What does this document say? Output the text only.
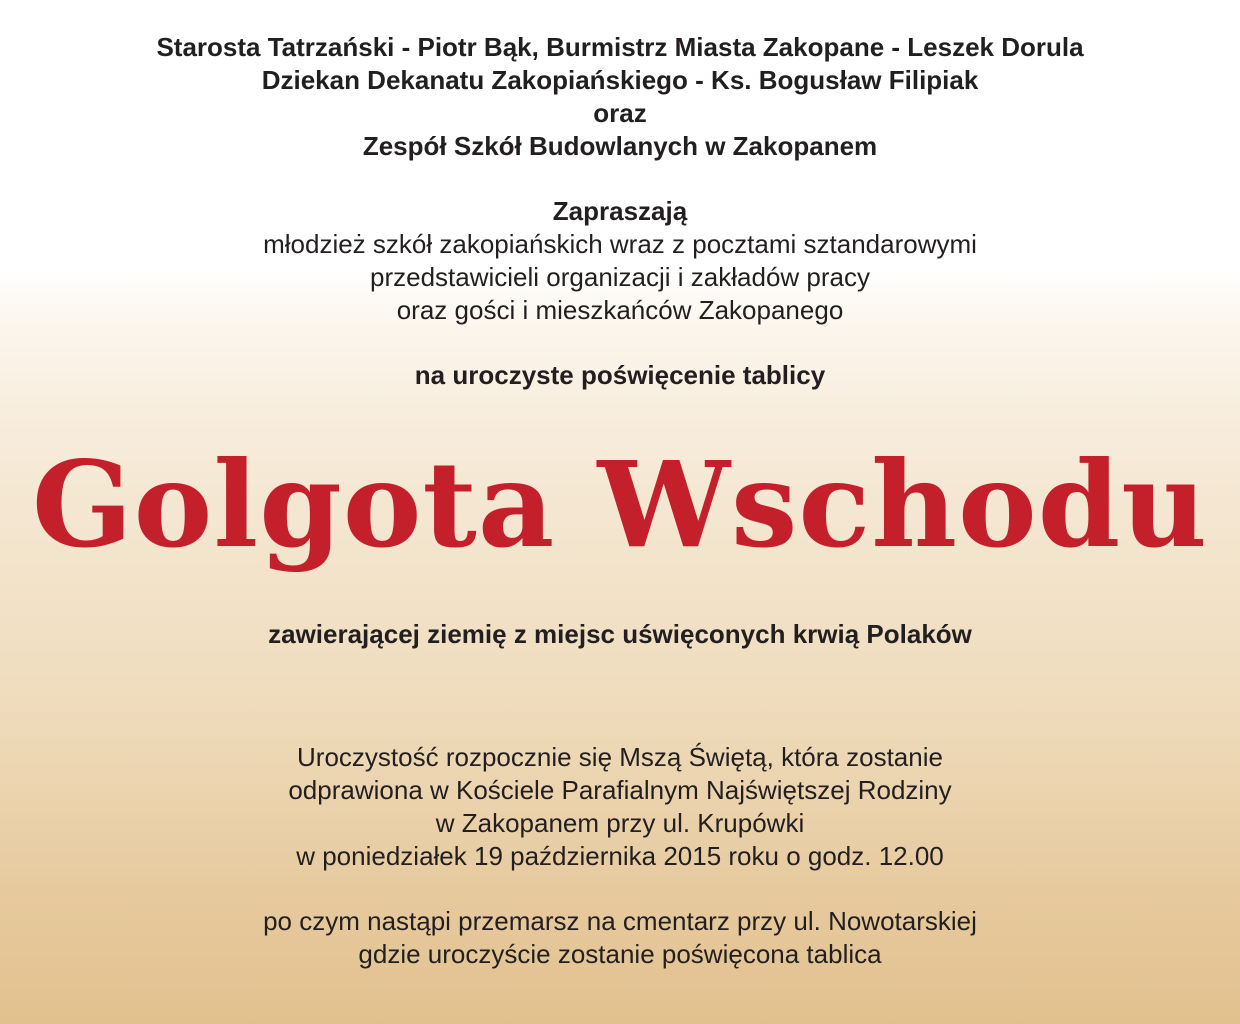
Starosta Tatrzański - Piotr Bąk, Burmistrz Miasta Zakopane - Leszek Dorula
Dziekan Dekanatu Zakopiańskiego - Ks. Bogusław Filipiak
oraz
Zespół Szkół Budowlanych w Zakopanem
Zapraszają
młodzież szkół zakopiańskich wraz z pocztami sztandarowymi
przedstawicieli organizacji i zakładów pracy
oraz gości i mieszkańców Zakopanego
na uroczyste poświęcenie tablicy
Golgota Wschodu
zawierającej ziemię z miejsc uświęconych krwią Polaków
Uroczystość rozpocznie się Mszą Świętą, która zostanie
odprawiona w Kościele Parafialnym Najświętszej Rodziny
w Zakopanem przy ul. Krupówki
w poniedziałek 19 października 2015 roku o godz. 12.00
po czym nastąpi przemarsz na cmentarz przy ul. Nowotarskiej
gdzie uroczyście zostanie poświęcona tablica
